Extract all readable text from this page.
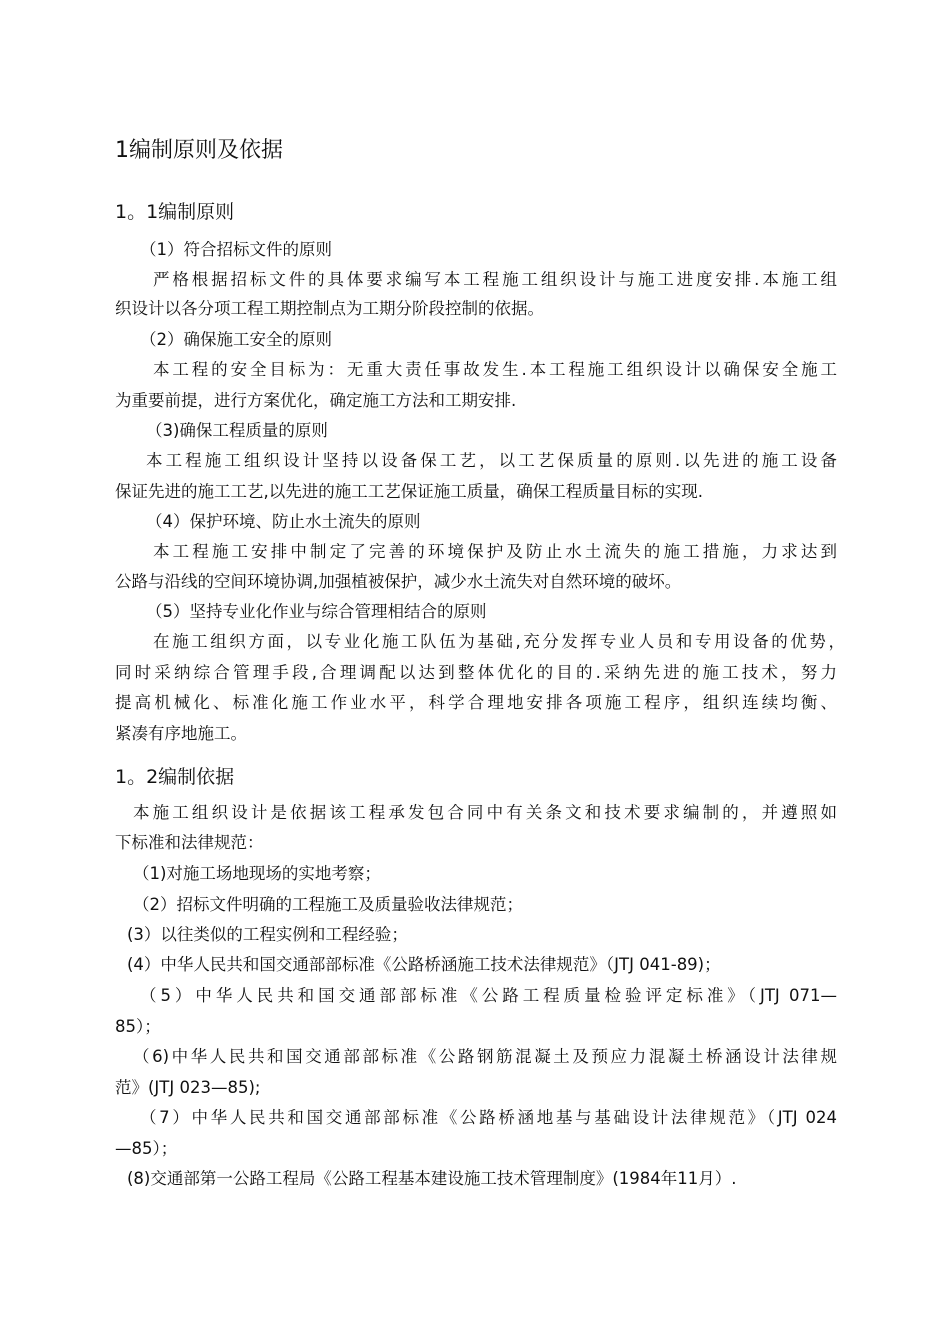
1编制原则及依据
1。1编制原则
（1）符合招标文件的原则
严格根据招标文件的具体要求编写本工程施工组织设计与施工进度安排.本施工组
织设计以各分项工程工期控制点为工期分阶段控制的依据。
（2）确保施工安全的原则
本工程的安全目标为：无重大责任事故发生.本工程施工组织设计以确保安全施工
为重要前提，进行方案优化，确定施工方法和工期安排.
（3)确保工程质量的原则
本工程施工组织设计坚持以设备保工艺，以工艺保质量的原则.以先进的施工设备
保证先进的施工工艺,以先进的施工工艺保证施工质量，确保工程质量目标的实现.
（4）保护环境、防止水土流失的原则
本工程施工安排中制定了完善的环境保护及防止水土流失的施工措施，力求达到
公路与沿线的空间环境协调,加强植被保护，减少水土流失对自然环境的破坏。
（5）坚持专业化作业与综合管理相结合的原则
在施工组织方面，以专业化施工队伍为基础,充分发挥专业人员和专用设备的优势，
同时采纳综合管理手段,合理调配以达到整体优化的目的.采纳先进的施工技术，努力
提高机械化、标准化施工作业水平，科学合理地安排各项施工程序，组织连续均衡、
紧凑有序地施工。
1。2编制依据
本施工组织设计是依据该工程承发包合同中有关条文和技术要求编制的，并遵照如
下标准和法律规范：
（1)对施工场地现场的实地考察；
（2）招标文件明确的工程施工及质量验收法律规范；
(3）以往类似的工程实例和工程经验；
(4）中华人民共和国交通部部标准《公路桥涵施工技术法律规范》（JTJ 041-89)；
（5）中华人民共和国交通部部标准《公路工程质量检验评定标准》（JTJ 071—
85）；
（6)中华人民共和国交通部部标准《公路钢筋混凝土及预应力混凝土桥涵设计法律规
范》(JTJ 023—85);
（7）中华人民共和国交通部部标准《公路桥涵地基与基础设计法律规范》（JTJ 024
—85）；
(8)交通部第一公路工程局《公路工程基本建设施工技术管理制度》(1984年11月）.
